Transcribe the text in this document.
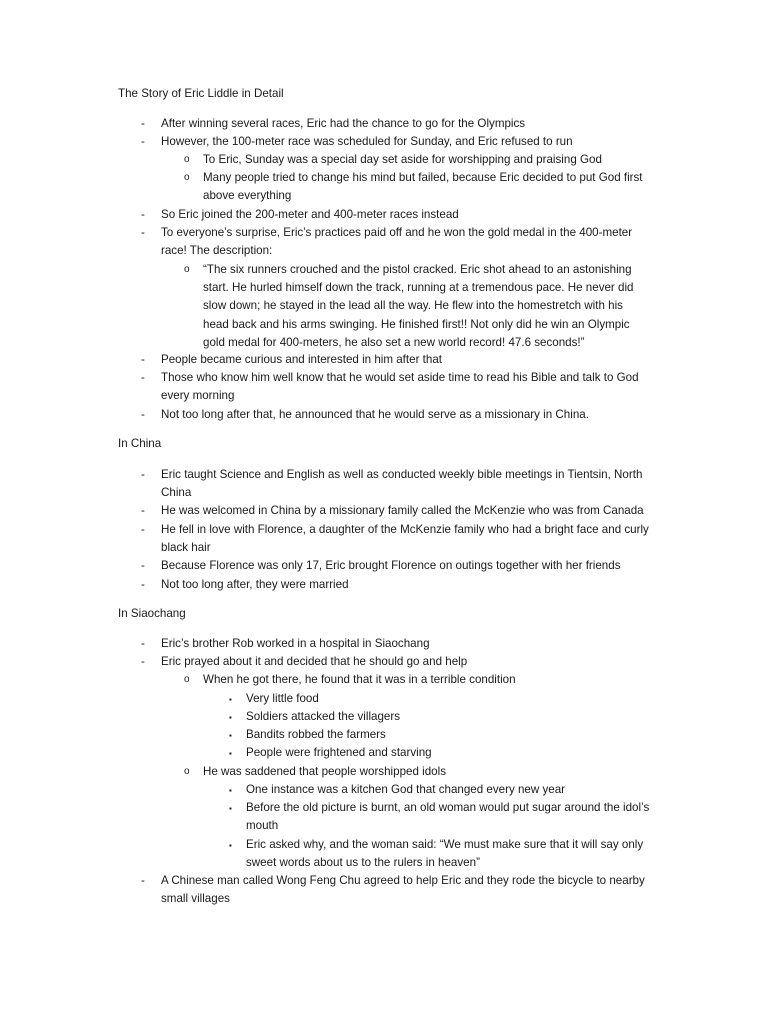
The Story of Eric Liddle in Detail
-	After winning several races, Eric had the chance to go for the Olympics
-	However, the 100-meter race was scheduled for Sunday, and Eric refused to run
o To Eric, Sunday was a special day set aside for worshipping and praising God
o Many people tried to change his mind but failed, because Eric decided to put God first above everything
-	So Eric joined the 200-meter and 400-meter races instead
-	To everyone’s surprise, Eric’s practices paid off and he won the gold medal in the 400-meter race! The description:
o “The six runners crouched and the pistol cracked. Eric shot ahead to an astonishing start. He hurled himself down the track, running at a tremendous pace. He never did slow down; he stayed in the lead all the way. He flew into the homestretch with his head back and his arms swinging. He finished first!! Not only did he win an Olympic gold medal for 400-meters, he also set a new world record! 47.6 seconds!”
-	People became curious and interested in him after that
-	Those who know him well know that he would set aside time to read his Bible and talk to God every morning
-	Not too long after that, he announced that he would serve as a missionary in China.
In China
-	Eric taught Science and English as well as conducted weekly bible meetings in Tientsin, North China
-	He was welcomed in China by a missionary family called the McKenzie who was from Canada
-	He fell in love with Florence, a daughter of the McKenzie family who had a bright face and curly black hair
-	Because Florence was only 17, Eric brought Florence on outings together with her friends
-	Not too long after, they were married
In Siaochang
-	Eric’s brother Rob worked in a hospital in Siaochang
-	Eric prayed about it and decided that he should go and help
o When he got there, he found that it was in a terrible condition
▪ Very little food
▪ Soldiers attacked the villagers
▪ Bandits robbed the farmers
▪ People were frightened and starving
o He was saddened that people worshipped idols
▪ One instance was a kitchen God that changed every new year
▪ Before the old picture is burnt, an old woman would put sugar around the idol’s mouth
▪ Eric asked why, and the woman said: “We must make sure that it will say only sweet words about us to the rulers in heaven”
-	A Chinese man called Wong Feng Chu agreed to help Eric and they rode the bicycle to nearby small villages
